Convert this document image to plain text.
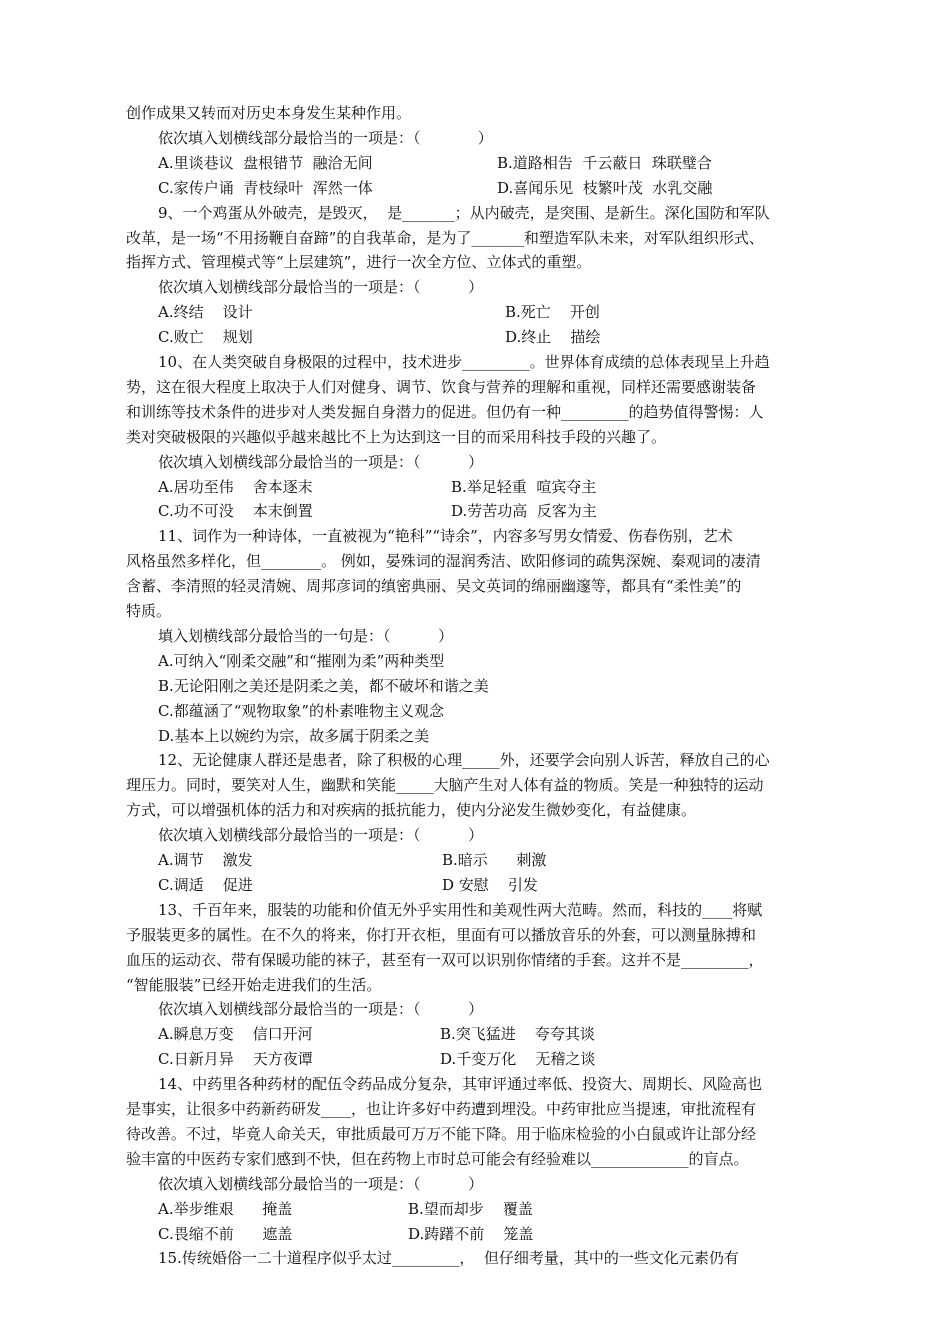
创作成果又转而对历史本身发生某种作用。
依次填入划横线部分最恰当的一项是：（            ）
A.里谈巷议  盘根错节  融洽无间	B.道路相告  千云蔽日  珠联璧合
C.家传户诵  青枝绿叶  浑然一体	D.喜闻乐见  枝繁叶茂  水乳交融
9、一个鸡蛋从外破壳，是毁灭，  是_______；从内破壳，是突围、是新生。深化国防和军队
改革，是一场“不用扬鞭自奋蹄”的自我革命，是为了_______和塑造军队未来，对军队组织形式、
指挥方式、管理模式等“上层建筑”，进行一次全方位、立体式的重塑。
依次填入划横线部分最恰当的一项是：（          ）
A.终结    设计	B.死亡    开创
C.败亡    规划	D.终止    描绘
10、在人类突破自身极限的过程中，技术进步_________。世界体育成绩的总体表现呈上升趋
势，这在很大程度上取决于人们对健身、调节、饮食与营养的理解和重视，同样还需要感谢装备
和训练等技术条件的进步对人类发掘自身潜力的促进。但仍有一种_________的趋势值得警惕：人
类对突破极限的兴趣似乎越来越比不上为达到这一目的而采用科技手段的兴趣了。
依次填入划横线部分最恰当的一项是：（          ）
A.居功至伟    舍本逐末	B.举足轻重  喧宾夺主
C.功不可没    本末倒置	D.劳苦功高  反客为主
11、词作为一种诗体，一直被视为“艳科”“诗余”，内容多写男女情爱、伤春伤别，艺术
风格虽然多样化，但________。 例如，晏殊词的湿润秀洁、欧阳修词的疏隽深婉、秦观词的凄清
含蓄、李清照的轻灵清婉、周邦彦词的缜密典丽、吴文英词的绵丽幽邃等，都具有“柔性美”的
特质。
填入划横线部分最恰当的一句是：（          ）
A.可纳入“刚柔交融”和“摧刚为柔”两种类型
B.无论阳刚之美还是阴柔之美，都不破坏和谐之美
C.都蕴涵了“观物取象”的朴素唯物主义观念
D.基本上以婉约为宗，故多属于阴柔之美
12、无论健康人群还是患者，除了积极的心理_____外，还要学会向别人诉苦，释放自己的心
理压力。同时，要笑对人生，幽默和笑能_____大脑产生对人体有益的物质。笑是一种独特的运动
方式，可以增强机体的活力和对疾病的抵抗能力，使内分泌发生微妙变化，有益健康。
依次填入划横线部分最恰当的一项是：（          ）
A.调节    激发	B.暗示      刺激
C.调适    促进	D 安慰    引发
13、千百年来，服装的功能和价值无外乎实用性和美观性两大范畴。然而，科技的____将赋
予服装更多的属性。在不久的将来，你打开衣柜，里面有可以播放音乐的外套，可以测量脉搏和
血压的运动衣、带有保暖功能的袜子，甚至有一双可以识别你情绪的手套。这并不是_________，
“智能服装”已经开始走进我们的生活。
依次填入划横线部分最恰当的一项是：（          ）
A.瞬息万变    信口开河	B.突飞猛进    夸夸其谈
C.日新月异    天方夜谭	D.千变万化    无稽之谈
14、中药里各种药材的配伍令药品成分复杂，其审评通过率低、投资大、周期长、风险高也
是事实，让很多中药新药研发____，也让许多好中药遭到埋没。中药审批应当提速，审批流程有
待改善。不过，毕竟人命关天，审批质最可万万不能下降。用于临床检验的小白鼠或许让部分经
验丰富的中医药专家们感到不快，但在药物上市时总可能会有经验难以_____________的盲点。
依次填入划横线部分最恰当的一项是：（          ）
A.举步维艰      掩盖	B.望而却步    覆盖
C.畏缩不前      遮盖	D.踌躇不前    笼盖
15.传统婚俗一二十道程序似乎太过_________，  但仔细考量，其中的一些文化元素仍有
